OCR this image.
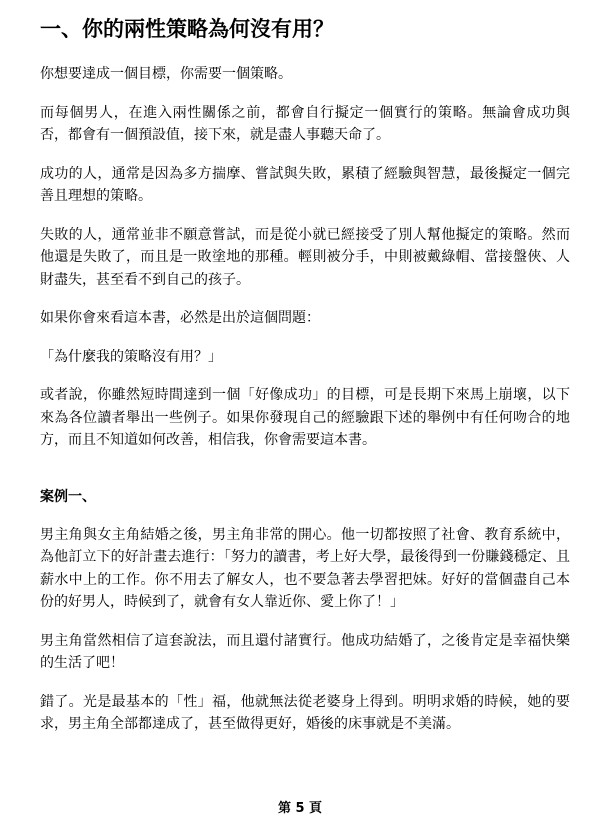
一、你的兩性策略為何沒有用？

你想要達成一個目標，你需要一個策略。

而每個男人，在進入兩性關係之前，都會自行擬定一個實行的策略。無論會成功與否，都會有一個預設值，接下來，就是盡人事聽天命了。

成功的人，通常是因為多方揣摩、嘗試與失敗，累積了經驗與智慧，最後擬定一個完善且理想的策略。

失敗的人，通常並非不願意嘗試，而是從小就已經接受了別人幫他擬定的策略。然而他還是失敗了，而且是一敗塗地的那種。輕則被分手，中則被戴綠帽、當接盤俠、人財盡失，甚至看不到自己的孩子。

如果你會來看這本書，必然是出於這個問題：

「為什麼我的策略沒有用？」

或者說，你雖然短時間達到一個「好像成功」的目標，可是長期下來馬上崩壞，以下來為各位讀者舉出一些例子。如果你發現自己的經驗跟下述的舉例中有任何吻合的地方，而且不知道如何改善，相信我，你會需要這本書。

案例一、

男主角與女主角結婚之後，男主角非常的開心。他一切都按照了社會、教育系統中，為他訂立下的好計畫去進行：「努力的讀書，考上好大學，最後得到一份賺錢穩定、且薪水中上的工作。你不用去了解女人，也不要急著去學習把妹。好好的當個盡自己本份的好男人，時候到了，就會有女人靠近你、愛上你了！」

男主角當然相信了這套說法，而且還付諸實行。他成功結婚了，之後肯定是幸福快樂的生活了吧！

錯了。光是最基本的「性」福，他就無法從老婆身上得到。明明求婚的時候，她的要求，男主角全部都達成了，甚至做得更好，婚後的床事就是不美滿。

第 5 頁
